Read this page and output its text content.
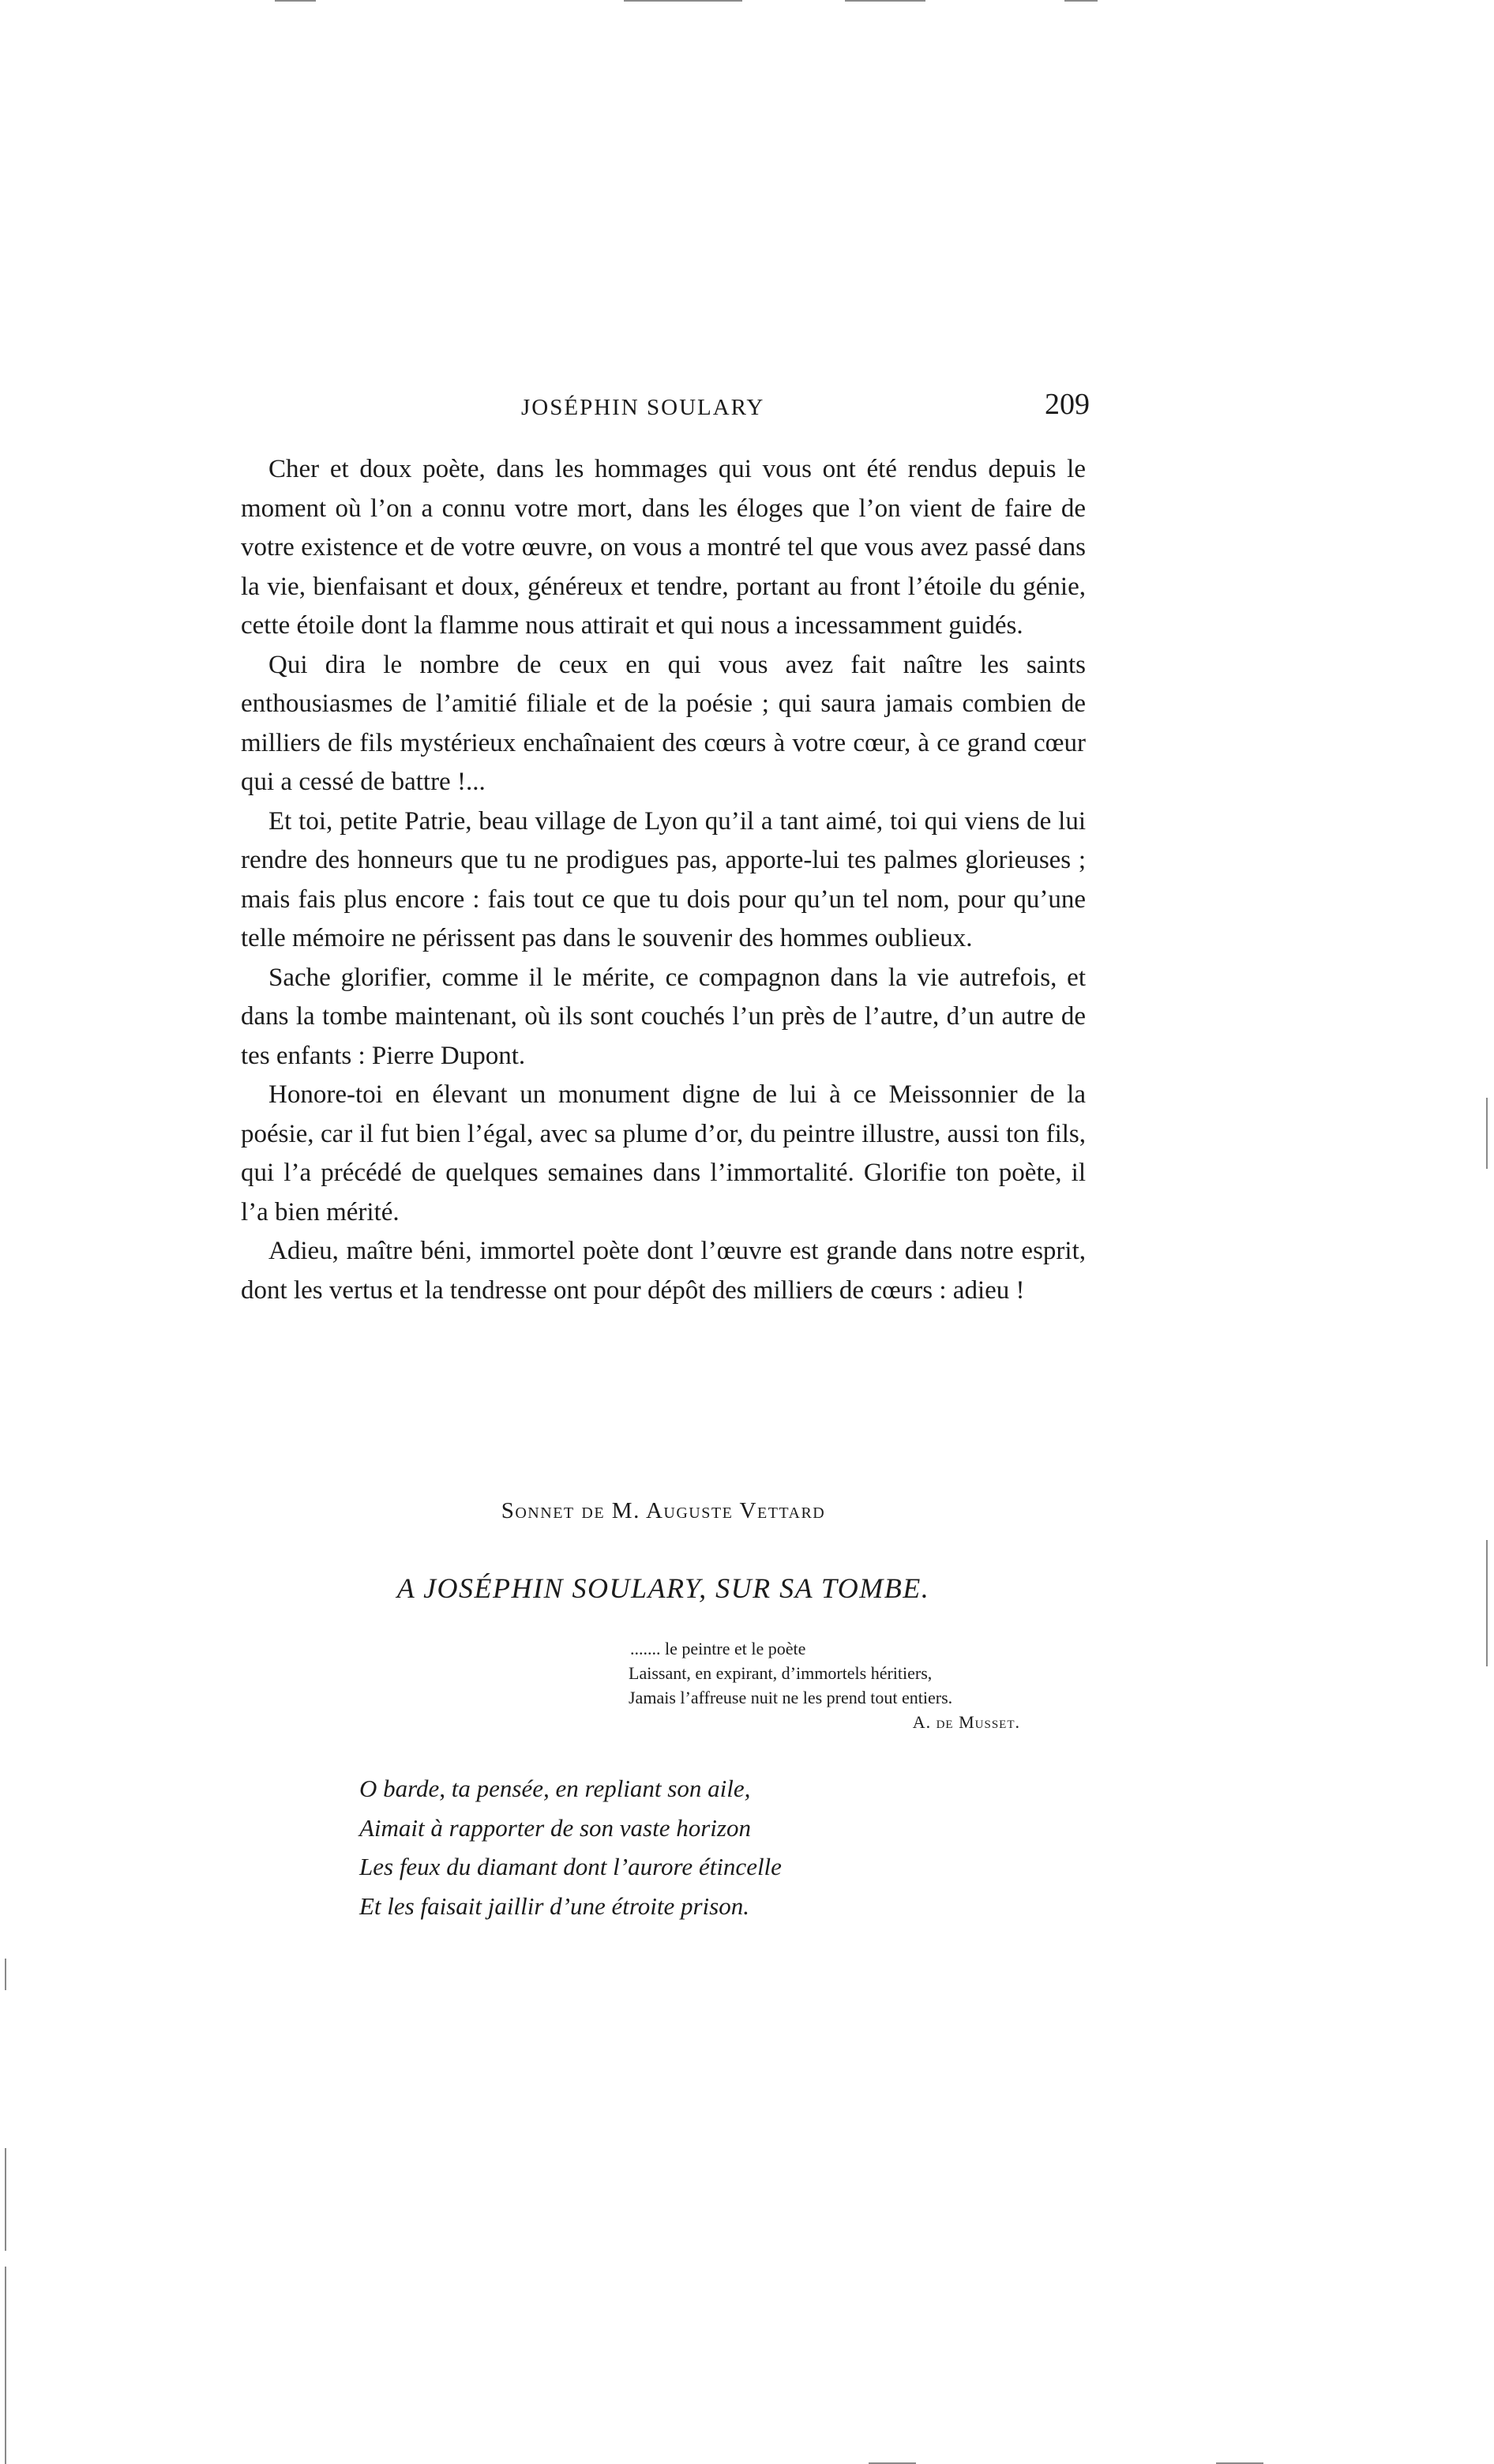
JOSÉPHIN SOULARY	209

Cher et doux poète, dans les hommages qui vous ont été rendus depuis le moment où l’on a connu votre mort, dans les éloges que l’on vient de faire de votre existence et de votre œuvre, on vous a montré tel que vous avez passé dans la vie, bienfaisant et doux, généreux et tendre, portant au front l’étoile du génie, cette étoile dont la flamme nous attirait et qui nous a incessamment guidés.

Qui dira le nombre de ceux en qui vous avez fait naître les saints enthousiasmes de l’amitié filiale et de la poésie ; qui saura jamais combien de milliers de fils mystérieux enchaînaient des cœurs à votre cœur, à ce grand cœur qui a cessé de battre !...

Et toi, petite Patrie, beau village de Lyon qu’il a tant aimé, toi qui viens de lui rendre des honneurs que tu ne prodigues pas, apporte-lui tes palmes glorieuses ; mais fais plus encore : fais tout ce que tu dois pour qu’un tel nom, pour qu’une telle mémoire ne périssent pas dans le souvenir des hommes oublieux.

Sache glorifier, comme il le mérite, ce compagnon dans la vie autrefois, et dans la tombe maintenant, où ils sont couchés l’un près de l’autre, d’un autre de tes enfants : Pierre Dupont.

Honore-toi en élevant un monument digne de lui à ce Meissonnier de la poésie, car il fut bien l’égal, avec sa plume d’or, du peintre illustre, aussi ton fils, qui l’a précédé de quelques semaines dans l’immortalité. Glorifie ton poète, il l’a bien mérité.

Adieu, maître béni, immortel poète dont l’œuvre est grande dans notre esprit, dont les vertus et la tendresse ont pour dépôt des milliers de cœurs : adieu !

Sonnet de M. Auguste Vettard
A JOSÉPHIN SOULARY, SUR SA TOMBE.
....... le peintre et le poète
Laissant, en expirant, d’immortels héritiers,
Jamais l’affreuse nuit ne les prend tout entiers.
A. de Musset.
O barde, ta pensée, en repliant son aile,
Aimait à rapporter de son vaste horizon
Les feux du diamant dont l’aurore étincelle
Et les faisait jaillir d’une étroite prison.
